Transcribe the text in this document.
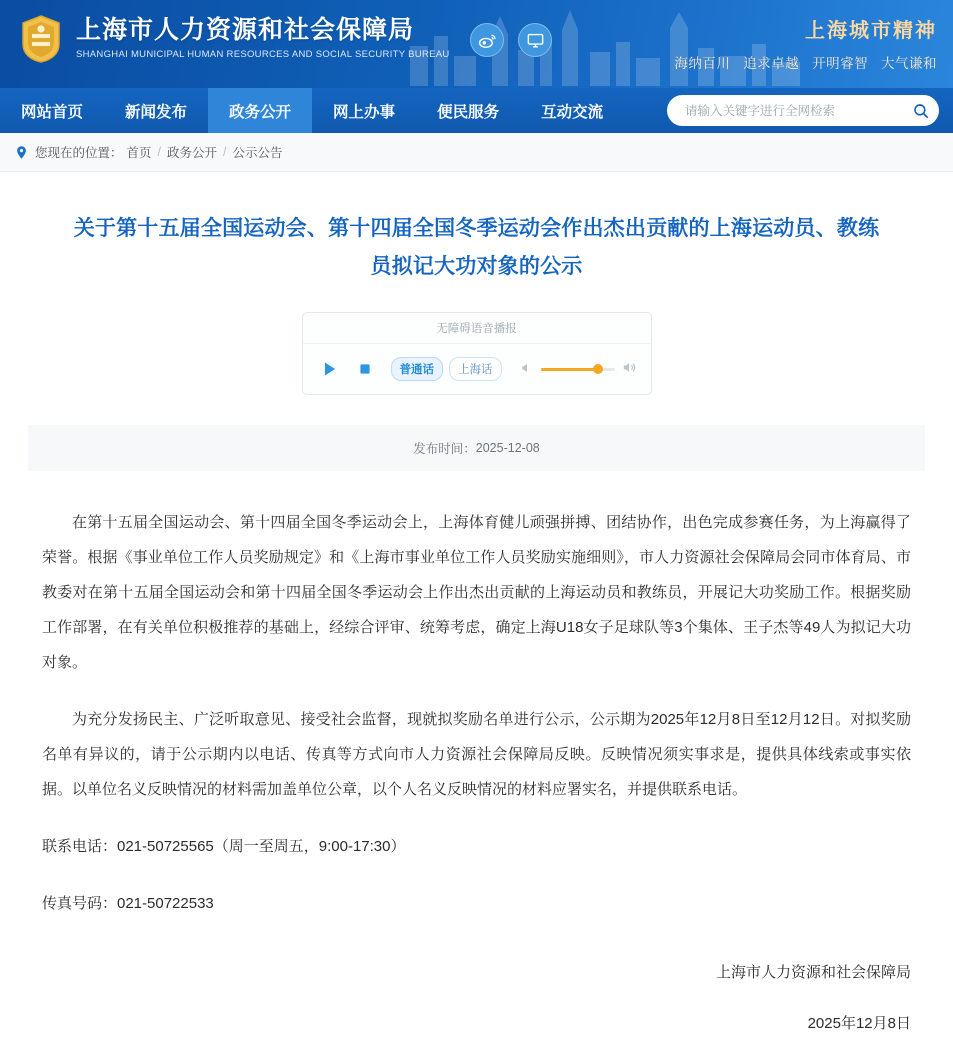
上海市人力资源和社会保障局
SHANGHAI MUNICIPAL HUMAN RESOURCES AND SOCIAL SECURITY BUREAU
上海城市精神
海纳百川 追求卓越 开明睿智 大气谦和
网站首页	新闻发布	政务公开	网上办事	便民服务	互动交流
请输入关键字进行全网检索
您现在的位置： 首页 / 政务公开 / 公示公告
关于第十五届全国运动会、第十四届全国冬季运动会作出杰出贡献的上海运动员、教练员拟记大功对象的公示
无障碍语音播报
普通话	上海话
发布时间： 2025-12-08

在第十五届全国运动会、第十四届全国冬季运动会上，上海体育健儿顽强拼搏、团结协作，出色完成参赛任务，为上海赢得了荣誉。根据《事业单位工作人员奖励规定》和《上海市事业单位工作人员奖励实施细则》，市人力资源社会保障局会同市体育局、市教委对在第十五届全国运动会和第十四届全国冬季运动会上作出杰出贡献的上海运动员和教练员，开展记大功奖励工作。根据奖励工作部署，在有关单位积极推荐的基础上，经综合评审、统筹考虑，确定上海U18女子足球队等3个集体、王子杰等49人为拟记大功对象。

为充分发扬民主、广泛听取意见、接受社会监督，现就拟奖励名单进行公示，公示期为2025年12月8日至12月12日。对拟奖励名单有异议的，请于公示期内以电话、传真等方式向市人力资源社会保障局反映。反映情况须实事求是，提供具体线索或事实依据。以单位名义反映情况的材料需加盖单位公章，以个人名义反映情况的材料应署实名，并提供联系电话。

联系电话：021-50725565（周一至周五，9:00-17:30）

传真号码：021-50722533

上海市人力资源和社会保障局
2025年12月8日
